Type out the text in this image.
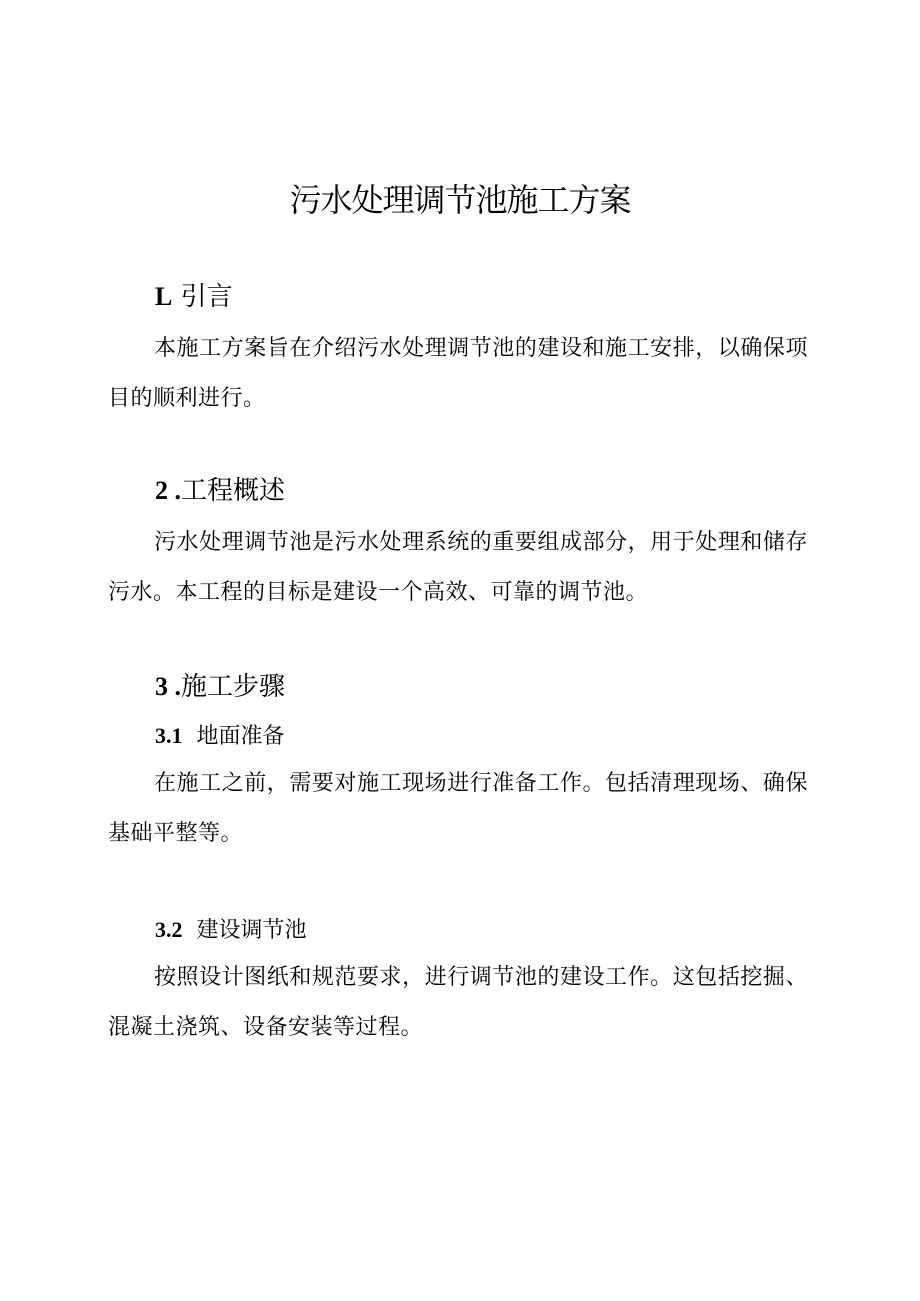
污水处理调节池施工方案
L 引言

本施工方案旨在介绍污水处理调节池的建设和施工安排，以确保项目的顺利进行。

2 .工程概述

污水处理调节池是污水处理系统的重要组成部分，用于处理和储存污水。本工程的目标是建设一个高效、可靠的调节池。

3 .施工步骤
3.1 地面准备

在施工之前，需要对施工现场进行准备工作。包括清理现场、确保基础平整等。

3.2 建设调节池

按照设计图纸和规范要求，进行调节池的建设工作。这包括挖掘、混凝土浇筑、设备安装等过程。
